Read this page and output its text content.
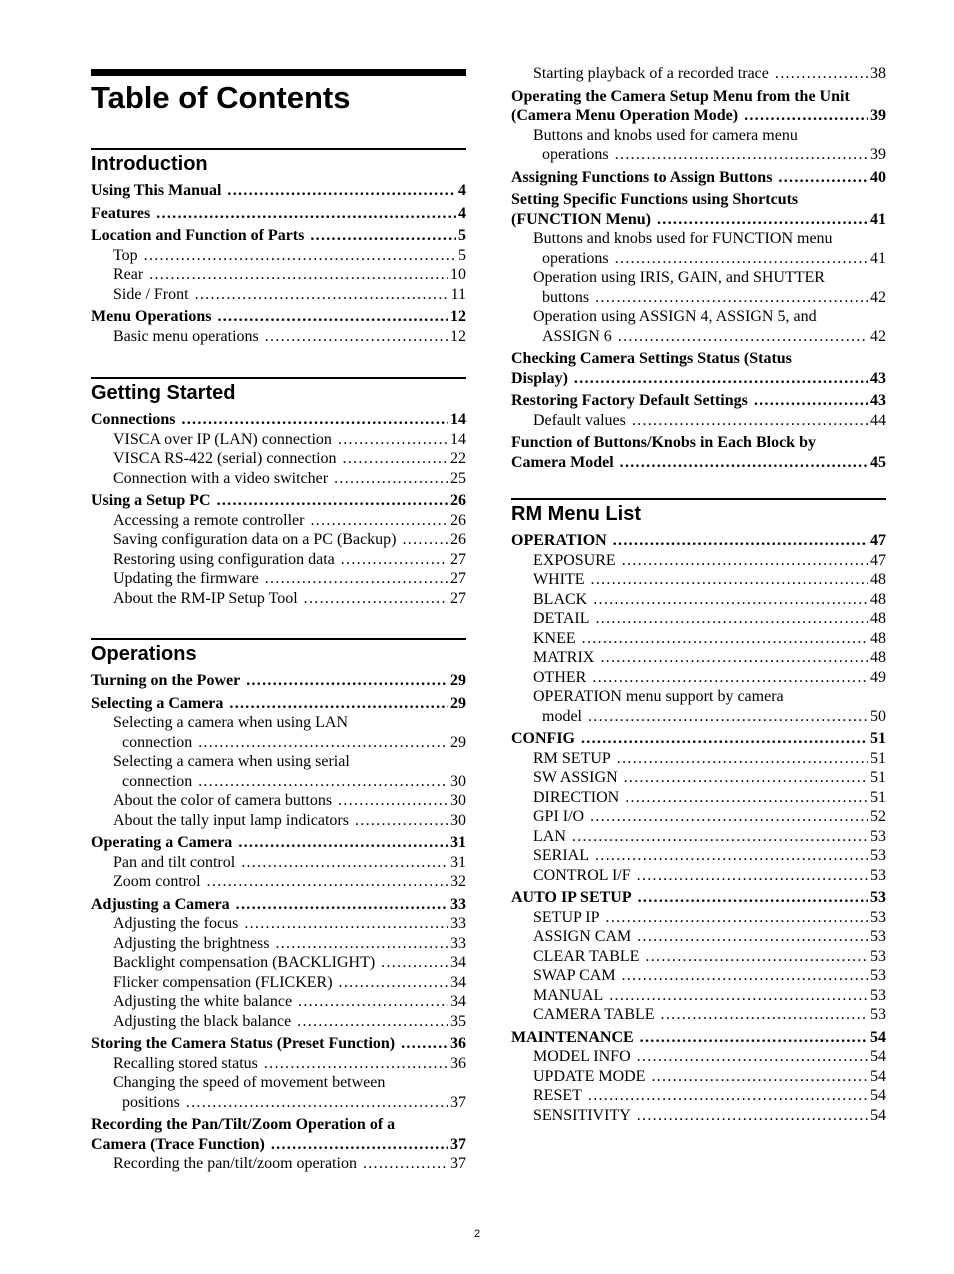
Table of Contents
Introduction
Using This Manual .....	4
Features .....	4
Location and Function of Parts .....	5
Top .....	5
Rear .....	10
Side / Front .....	11
Menu Operations .....	12
Basic menu operations .....	12
Getting Started
Connections .....	14
VISCA over IP (LAN) connection .....	14
VISCA RS-422 (serial) connection .....	22
Connection with a video switcher .....	25
Using a Setup PC .....	26
Accessing a remote controller .....	26
Saving configuration data on a PC (Backup) .....	26
Restoring using configuration data .....	27
Updating the firmware .....	27
About the RM-IP Setup Tool .....	27
Operations
Turning on the Power .....	29
Selecting a Camera .....	29
Selecting a camera when using LAN
connection .....	29
Selecting a camera when using serial
connection .....	30
About the color of camera buttons .....	30
About the tally input lamp indicators .....	30
Operating a Camera .....	31
Pan and tilt control .....	31
Zoom control .....	32
Adjusting a Camera .....	33
Adjusting the focus .....	33
Adjusting the brightness .....	33
Backlight compensation (BACKLIGHT) .....	34
Flicker compensation (FLICKER) .....	34
Adjusting the white balance .....	34
Adjusting the black balance .....	35
Storing the Camera Status (Preset Function) .....	36
Recalling stored status .....	36
Changing the speed of movement between
positions .....	37
Recording the Pan/Tilt/Zoom Operation of a
Camera (Trace Function) .....	37
Recording the pan/tilt/zoom operation .....	37
Starting playback of a recorded trace .....	38
Operating the Camera Setup Menu from the Unit
(Camera Menu Operation Mode) .....	39
Buttons and knobs used for camera menu
operations .....	39
Assigning Functions to Assign Buttons .....	40
Setting Specific Functions using Shortcuts
(FUNCTION Menu) .....	41
Buttons and knobs used for FUNCTION menu
operations .....	41
Operation using IRIS, GAIN, and SHUTTER
buttons .....	42
Operation using ASSIGN 4, ASSIGN 5, and
ASSIGN 6 .....	42
Checking Camera Settings Status (Status
Display) .....	43
Restoring Factory Default Settings .....	43
Default values .....	44
Function of Buttons/Knobs in Each Block by
Camera Model .....	45
RM Menu List
OPERATION .....	47
EXPOSURE .....	47
WHITE .....	48
BLACK .....	48
DETAIL .....	48
KNEE .....	48
MATRIX .....	48
OTHER .....	49
OPERATION menu support by camera
model .....	50
CONFIG .....	51
RM SETUP .....	51
SW ASSIGN .....	51
DIRECTION .....	51
GPI I/O .....	52
LAN .....	53
SERIAL .....	53
CONTROL I/F .....	53
AUTO IP SETUP .....	53
SETUP IP .....	53
ASSIGN CAM .....	53
CLEAR TABLE .....	53
SWAP CAM .....	53
MANUAL .....	53
CAMERA TABLE .....	53
MAINTENANCE .....	54
MODEL INFO .....	54
UPDATE MODE .....	54
RESET .....	54
SENSITIVITY .....	54
2
